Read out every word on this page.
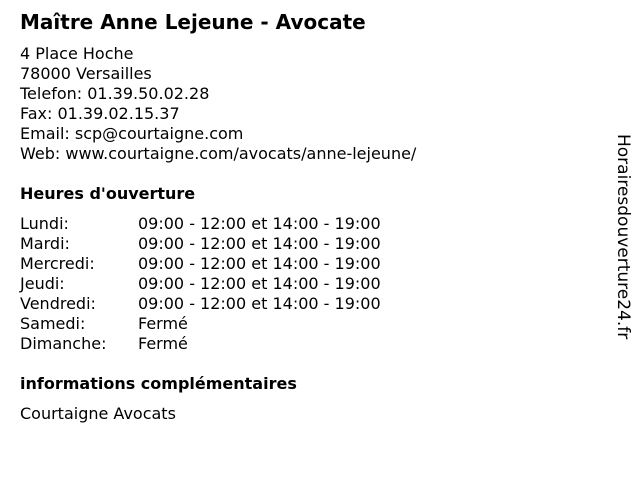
Maître Anne Lejeune - Avocate
4 Place Hoche
78000 Versailles
Telefon: 01.39.50.02.28
Fax: 01.39.02.15.37
Email: scp@courtaigne.com
Web: www.courtaigne.com/avocats/anne-lejeune/
Heures d'ouverture
Lundi:	09:00 - 12:00 et 14:00 - 19:00
Mardi:	09:00 - 12:00 et 14:00 - 19:00
Mercredi:	09:00 - 12:00 et 14:00 - 19:00
Jeudi:	09:00 - 12:00 et 14:00 - 19:00
Vendredi:	09:00 - 12:00 et 14:00 - 19:00
Samedi:	Fermé
Dimanche: Fermé
informations complémentaires
Courtaigne Avocats
Horairesdouverture24.fr
